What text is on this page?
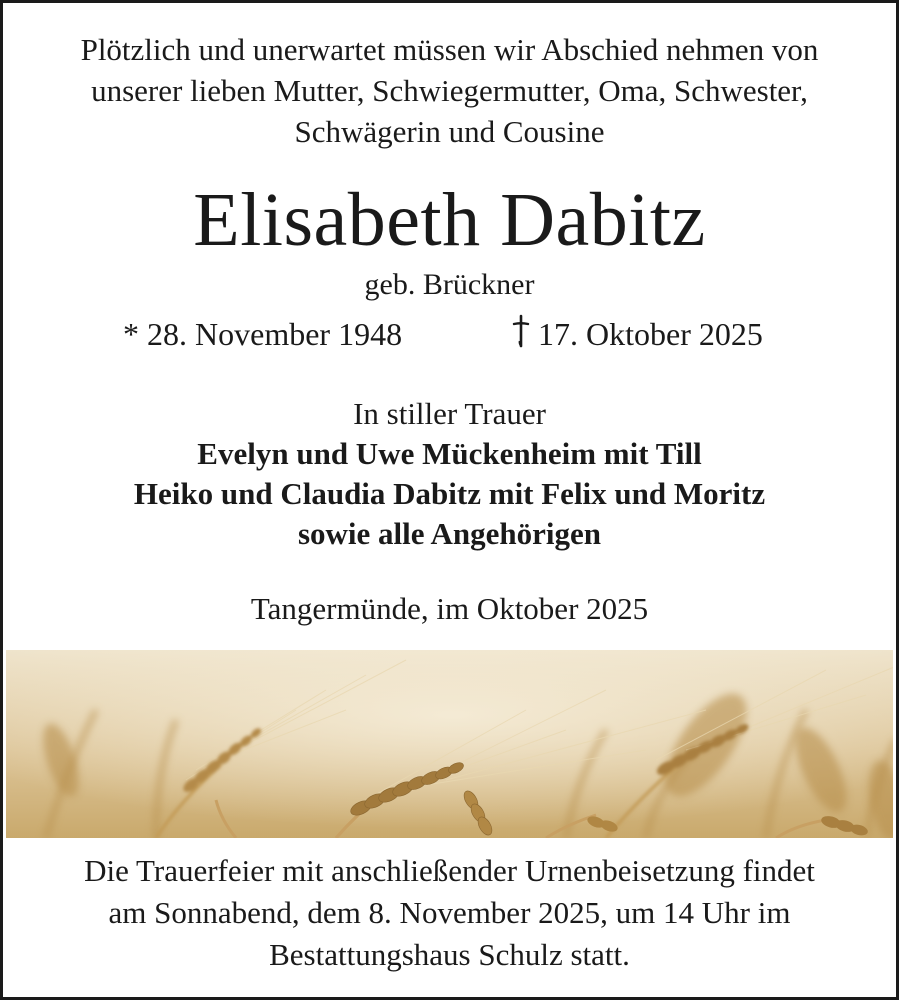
Plötzlich und unerwartet müssen wir Abschied nehmen von
unserer lieben Mutter, Schwiegermutter, Oma, Schwester,
Schwägerin und Cousine
Elisabeth Dabitz
geb. Brückner
* 28. November 1948	17. Oktober 2025
In stiller Trauer
Evelyn und Uwe Mückenheim mit Till
Heiko und Claudia Dabitz mit Felix und Moritz
sowie alle Angehörigen
Tangermünde, im Oktober 2025
Die Trauerfeier mit anschließender Urnenbeisetzung findet
am Sonnabend, dem 8. November 2025, um 14 Uhr im
Bestattungshaus Schulz statt.
